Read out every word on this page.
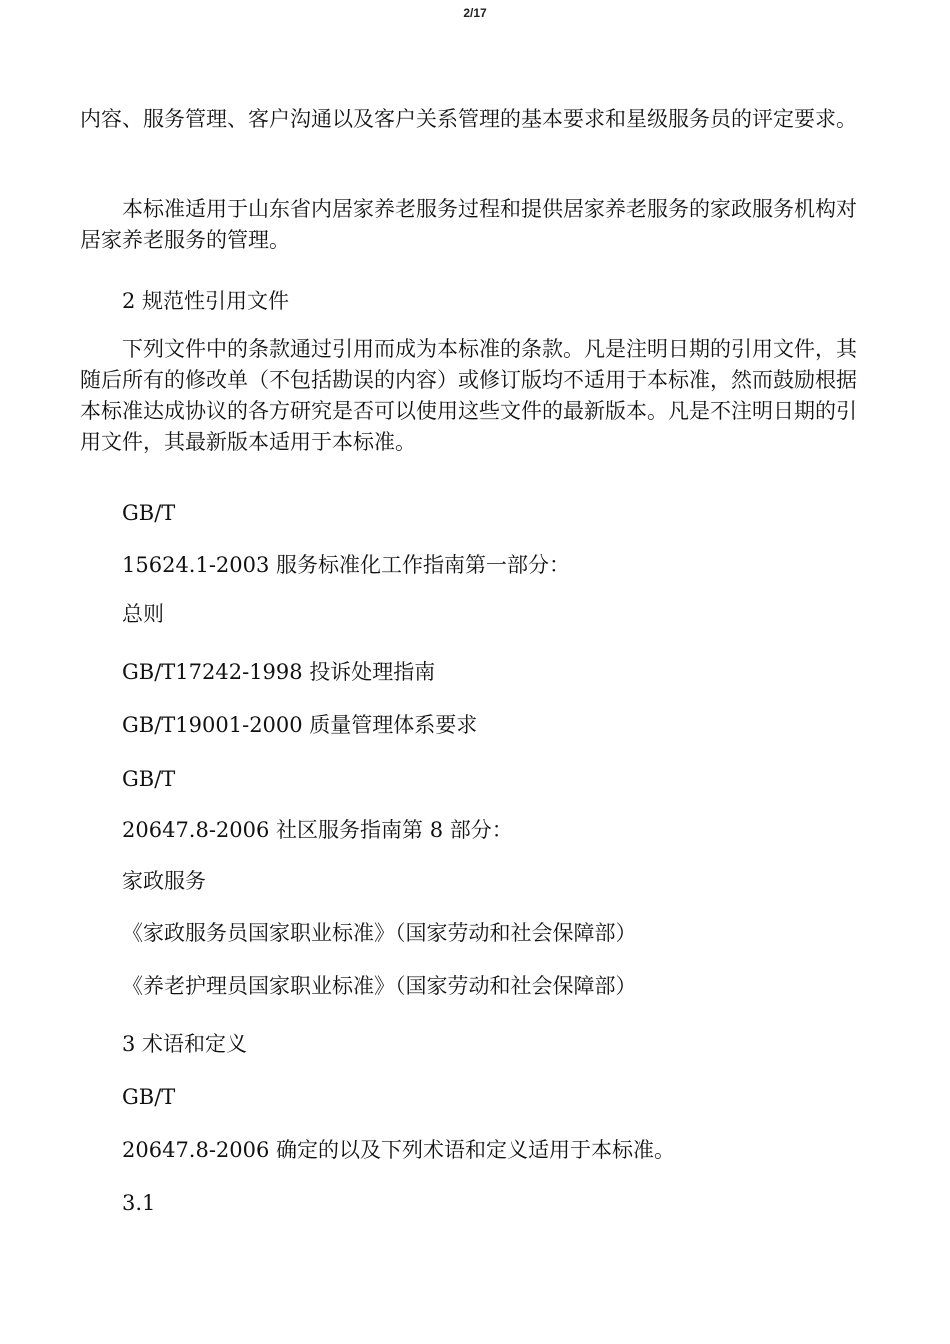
2/17

内容、服务管理、客户沟通以及客户关系管理的基本要求和星级服务员的评定要求。

本标准适用于山东省内居家养老服务过程和提供居家养老服务的家政服务机构对居家养老服务的管理。

2 规范性引用文件

下列文件中的条款通过引用而成为本标准的条款。凡是注明日期的引用文件，其随后所有的修改单（不包括勘误的内容）或修订版均不适用于本标准，然而鼓励根据本标准达成协议的各方研究是否可以使用这些文件的最新版本。凡是不注明日期的引用文件，其最新版本适用于本标准。

GB/T

15624.1-2003 服务标准化工作指南第一部分：

总则

GB/T17242-1998 投诉处理指南

GB/T19001-2000 质量管理体系要求

GB/T

20647.8-2006 社区服务指南第 8 部分：

家政服务

《家政服务员国家职业标准》（国家劳动和社会保障部）

《养老护理员国家职业标准》（国家劳动和社会保障部）

3 术语和定义

GB/T

20647.8-2006 确定的以及下列术语和定义适用于本标准。

3.1
